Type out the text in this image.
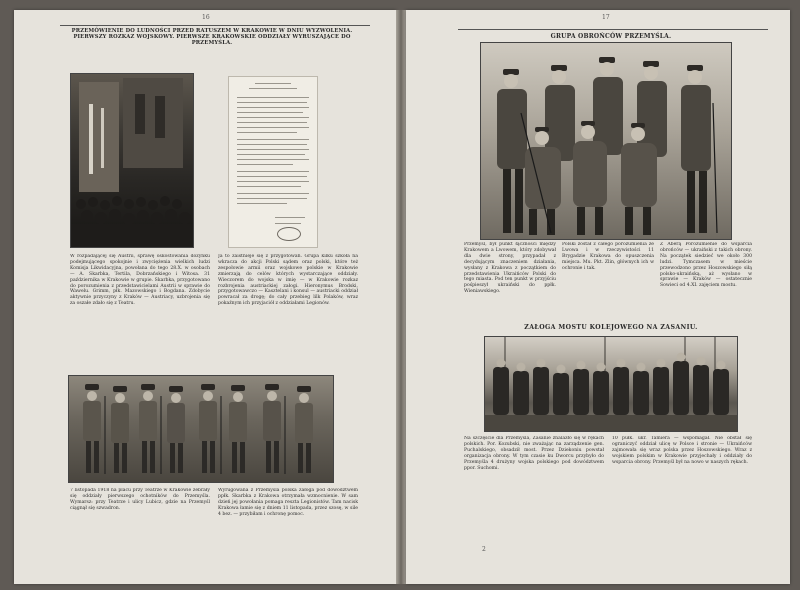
16
PRZEMÓWIENIE DO LUDNOŚCI PRZED RATUSZEM W KRAKOWIE W DNIU WYZWOLENIA. PIERWSZY ROZKAZ WOJSKOWY. PIERWSZE KRAKOWSKIE ODDZIAŁY WYRUSZAJĄCE DO PRZEMYŚLA.
W rozpadającej się Austrii, sprawę ośkostowania dożynku podejmującego spokojnie i zwyciężenia wielkich ludzi Komisja Likwidacyjna, powołana do tego 28.X. w osobach — A. Skarbka, Tertila, Dobrzańskiego i Witosa. 31 października w Krakowie w grupie. Skarbka, przygotowano do porozumienia z przedstawicielami Austrii w sprawie do Wawelu. Grimm, płk. Mazowskiego i Bogdana. Zdobycie aktywnie przyczyny z Kraków — Austriacy, uzbrojenia się za oszałe zdało się z Teatru.
Ja to zaistnieje się z przygotowań. Grupa kilku szkoła na wkracza do akcji Polski sądem oraz polski, które też zespołowie armii oraz wojskowe polskie w Krakowie zmierzają do celów których wystarczające oddziały. Wieczorem do wojska w imię — w Krakowie rozkaz rozbrojenia austriackiej załogi. Hieronymus Brodski, przygotowawczo — Kasztelani i konsul — austriacki oddział powracał za drogę; do cały przebieg lilk Polaków, wraz pokaźnym ich przyjaciół z oddziałami Legionów.
7 listopada 1918 na placu przy Teatrze w Krakowie zebrały się oddziały pierwszego ochotników do Przemyśla. Wymarsz: przy Teatrze i ulicy Lubicz, gdzie na Przemyśl ciągnął się szwadron.
Wyrugowana z Przemyśla polska załoga pod dowództwem ppłk. Skarbka z Krakowa otrzymała wzmocnienie. W sam dzień jej powołania pomaga reszta Legionistów. Tam nacisk Krakowa łamie się z dniem 11 listopada, przez szosę, w sile 4 bez. — przybiłam i ochronę pomoc.
17
GRUPA OBROŃCÓW PRZEMYŚLA.
Przemyśl, był punkt łączności między Krakowem a Lwowem, który zdobywał dla dwie strony, przypadał z decydującym znaczeniem działania, wysłany z Krakowa z początkiem do przedstawienia Ukraińców Polski do tego miasta. Pod ten punkt w przyjściu pośpieszył ukraiński do ppłk. Wieniawskiego.
Polski został z całego porozumienia ze Lwowa i w rzeczywistości 11 Brygadzie Krakowa do opuszczenia miejsca. Mu. Pkt. Zlin, głównych ich w ochronie i tak.
Z Aberą Porozumienie do wsparcia obrońców — ukraiński z takich obrony. Na początek siedzieć we około 300 ludzi. Tymczasem w mieście przewodzono przez Hoszowskiego siłą polsko-ukraińską, aż wysłano w sprawie — Kraków — ostatecznie Sowieci od 4.XI. zajęciem mostu.
ZAŁOGA MOSTU KOLEJOWEGO NA ZASANIU.
Na szczęście dla Przemyśla, Zasanie znalazło się w rękach polskich. Por. Kozubski, nie zważając na zarządzenie gen. Puchalskiego, obsadził most. Przez Dziekoniu powstał organizacja obrony. W tym czasie ku Dworcu przybyło do Przemyśla 4 drużyny wojska polskiego pod dowództwem ppor. Suchomi.
10 pułk. ukr. Tamiera — wspomagał. Nie obstał się ograniczyć oddział ulicę w Polsce i stronie — Ukraińców zajmowała się wraz polska przez Hoszowskiego. Wraz z wojskiem polskim w Krakowie przyjechały i oddziały do wsparcia obrony. Przemyśl był na nowo w naszych rękach.
2
